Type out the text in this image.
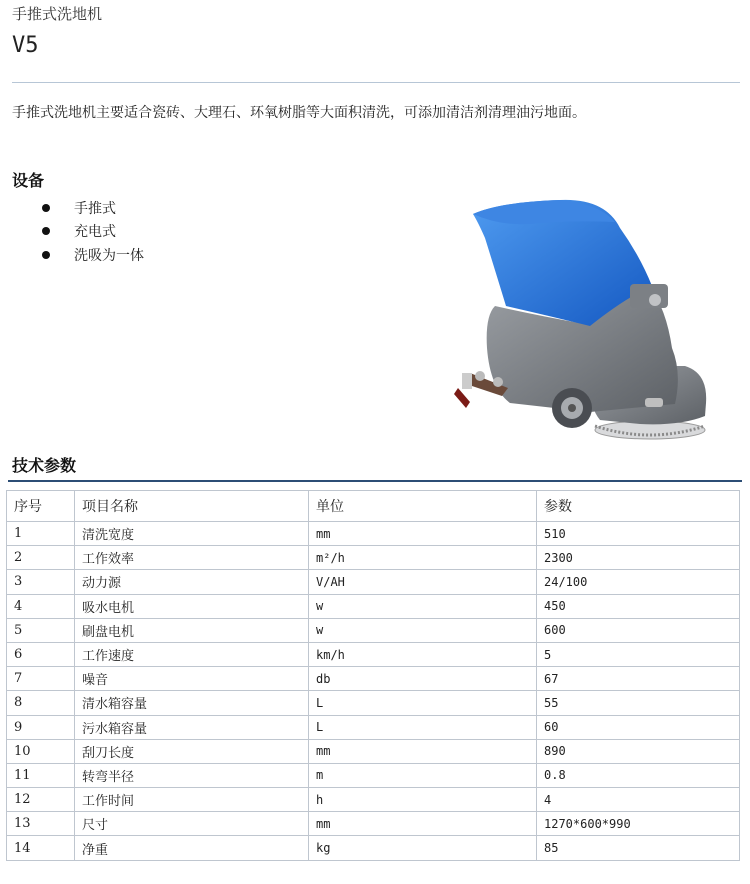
手推式洗地机
V5
手推式洗地机主要适合瓷砖、大理石、环氧树脂等大面积清洗，可添加清洁剂清理油污地面。
设备
手推式
充电式
洗吸为一体
技术参数
序号	项目名称	单位	参数
1	清洗宽度	mm	510
2	工作效率	m²/h	2300
3	动力源	V/AH	24/100
4	吸水电机	w	450
5	刷盘电机	w	600
6	工作速度	km/h	5
7	噪音	db	67
8	清水箱容量	L	55
9	污水箱容量	L	60
10	刮刀长度	mm	890
11	转弯半径	m	0.8
12	工作时间	h	4
13	尺寸	mm	1270*600*990
14	净重	kg	85
